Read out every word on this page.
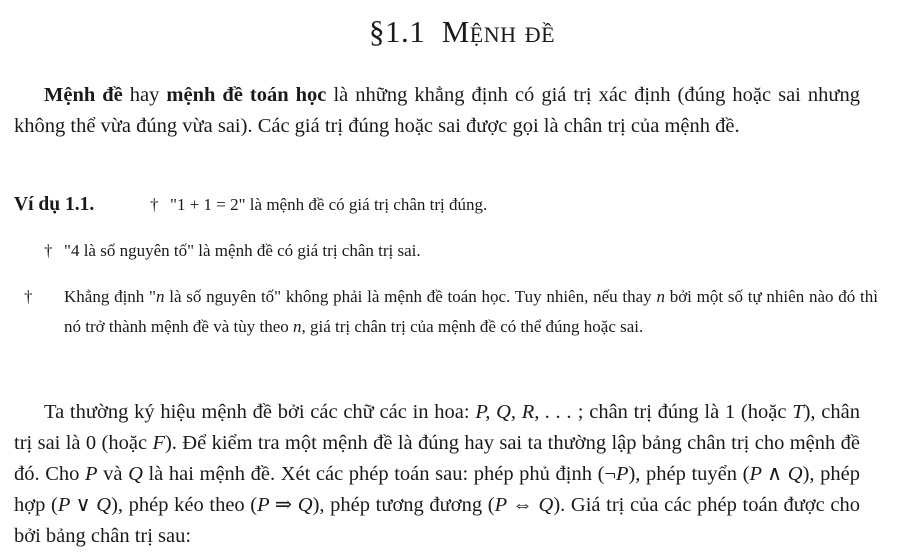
§1.1 Mệnh đề
Mệnh đề hay mệnh đề toán học là những khẳng định có giá trị xác định (đúng hoặc sai nhưng không thể vừa đúng vừa sai). Các giá trị đúng hoặc sai được gọi là chân trị của mệnh đề.
Ví dụ 1.1.	† "1 + 1 = 2" là mệnh đề có giá trị chân trị đúng.
† "4 là số nguyên tố" là mệnh đề có giá trị chân trị sai.
† Khẳng định "n là số nguyên tố" không phải là mệnh đề toán học. Tuy nhiên, nếu thay n bởi một số tự nhiên nào đó thì nó trở thành mệnh đề và tùy theo n, giá trị chân trị của mệnh đề có thể đúng hoặc sai.
Ta thường ký hiệu mệnh đề bởi các chữ các in hoa: P, Q, R, . . . ; chân trị đúng là 1 (hoặc T), chân trị sai là 0 (hoặc F). Để kiểm tra một mệnh đề là đúng hay sai ta thường lập bảng chân trị cho mệnh đề đó. Cho P và Q là hai mệnh đề. Xét các phép toán sau: phép phủ định (¬P), phép tuyển (P ∧ Q), phép hợp (P ∨ Q), phép kéo theo (P ⇒ Q), phép tương đương (P ⇔ Q). Giá trị của các phép toán được cho bởi bảng chân trị sau:
